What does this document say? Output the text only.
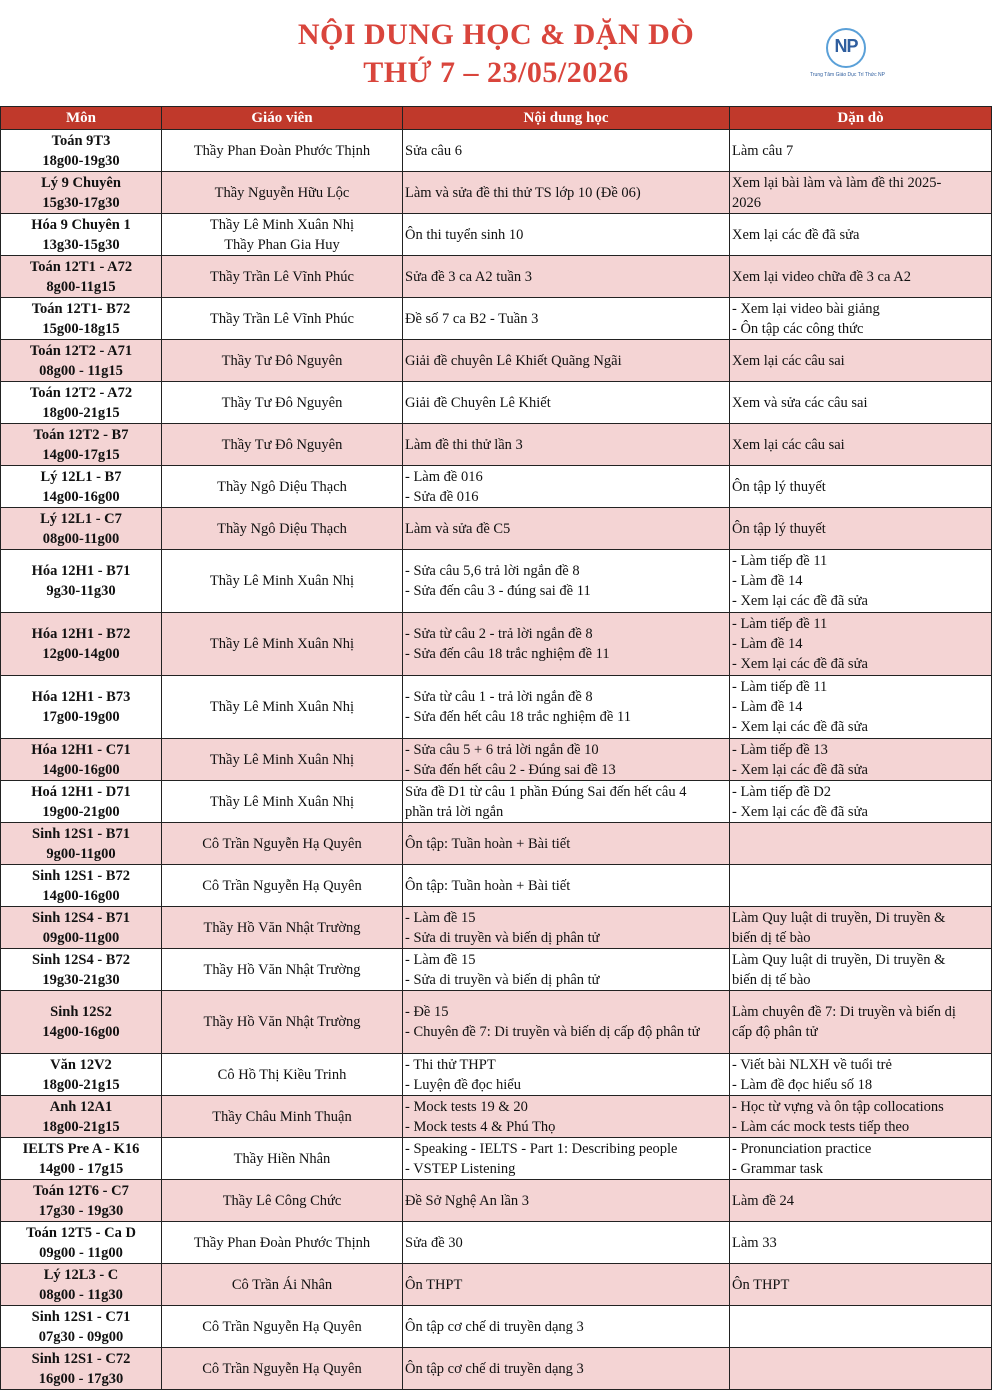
NỘI DUNG HỌC & DẶN DÒ
THỨ 7 – 23/05/2026
NP
Trung Tâm Giáo Dục Trí Thức NP
Môn	Giáo viên	Nội dung học	Dặn dò

Toán 9T3
18g00-19g30	Thầy Phan Đoàn Phước Thịnh	Sửa câu 6	Làm câu 7

Lý 9 Chuyên
15g30-17g30	Thầy Nguyễn Hữu Lộc	Làm và sửa đề thi thử TS lớp 10 (Đề 06)	Xem lại bài làm và làm đề thi 2025-
2026

Hóa 9 Chuyên 1
13g30-15g30	Thầy Lê Minh Xuân Nhị
Thầy Phan Gia Huy	Ôn thi tuyển sinh 10	Xem lại các đề đã sửa

Toán 12T1 - A72
8g00-11g15	Thầy Trần Lê Vĩnh Phúc	Sửa đề 3 ca A2 tuần 3	Xem lại video chữa đề 3 ca A2

Toán 12T1- B72
15g00-18g15	Thầy Trần Lê Vĩnh Phúc	Đề số 7 ca B2 - Tuần 3	- Xem lại video bài giảng
- Ôn tập các công thức

Toán 12T2 - A71
08g00 - 11g15	Thầy Tư Đô Nguyên	Giải đề chuyên Lê Khiết Quãng Ngãi	Xem lại các câu sai

Toán 12T2 - A72
18g00-21g15	Thầy Tư Đô Nguyên	Giải đề Chuyên Lê Khiết	Xem và sửa các câu sai

Toán 12T2 - B7
14g00-17g15	Thầy Tư Đô Nguyên	Làm đề thi thử lần 3	Xem lại các câu sai

Lý 12L1 - B7
14g00-16g00	Thầy Ngô Diệu Thạch	- Làm đề 016
- Sửa đề 016	Ôn tập lý thuyết

Lý 12L1 - C7
08g00-11g00	Thầy Ngô Diệu Thạch	Làm và sửa đề C5	Ôn tập lý thuyết

Hóa 12H1 - B71
9g30-11g30	Thầy Lê Minh Xuân Nhị	- Sửa câu 5,6 trả lời ngắn đề 8
- Sửa đến câu 3 - đúng sai đề 11	- Làm tiếp đề 11
- Làm đề 14
- Xem lại các đề đã sửa

Hóa 12H1 - B72
12g00-14g00	Thầy Lê Minh Xuân Nhị	- Sửa từ câu 2 - trả lời ngắn đề 8
- Sửa đến câu 18 trắc nghiệm đề 11	- Làm tiếp đề 11
- Làm đề 14
- Xem lại các đề đã sửa

Hóa 12H1 - B73
17g00-19g00	Thầy Lê Minh Xuân Nhị	- Sửa từ câu 1 - trả lời ngắn đề 8
- Sửa đến hết câu 18 trắc nghiệm đề 11	- Làm tiếp đề 11
- Làm đề 14
- Xem lại các đề đã sửa

Hóa 12H1 - C71
14g00-16g00	Thầy Lê Minh Xuân Nhị	- Sửa câu 5 + 6 trả lời ngắn đề 10
- Sửa đến hết câu 2 - Đúng sai đề 13	- Làm tiếp đề 13
- Xem lại các đề đã sửa

Hoá 12H1 - D71
19g00-21g00	Thầy Lê Minh Xuân Nhị	Sửa đề D1 từ câu 1 phần Đúng Sai đến hết câu 4
phần trả lời ngắn	- Làm tiếp đề D2
- Xem lại các đề đã sửa

Sinh 12S1 - B71
9g00-11g00	Cô Trần Nguyễn Hạ Quyên	Ôn tập: Tuần hoàn + Bài tiết	

Sinh 12S1 - B72
14g00-16g00	Cô Trần Nguyễn Hạ Quyên	Ôn tập: Tuần hoàn + Bài tiết	

Sinh 12S4 - B71
09g00-11g00	Thầy Hồ Văn Nhật Trường	- Làm đề 15
- Sửa di truyền và biến dị phân tử	Làm Quy luật di truyền, Di truyền &
biến dị tế bào

Sinh 12S4 - B72
19g30-21g30	Thầy Hồ Văn Nhật Trường	- Làm đề 15
- Sửa di truyền và biến dị phân tử	Làm Quy luật di truyền, Di truyền &
biến dị tế bào

Sinh 12S2
14g00-16g00	Thầy Hồ Văn Nhật Trường	- Đề 15
- Chuyên đề 7: Di truyền và biến dị cấp độ phân tử	Làm chuyên đề 7: Di truyền và biến dị
cấp độ phân tử

Văn 12V2
18g00-21g15	Cô Hồ Thị Kiều Trinh	- Thi thử THPT
- Luyện đề đọc hiểu	- Viết bài NLXH về tuổi trẻ
- Làm đề đọc hiểu số 18

Anh 12A1
18g00-21g15	Thầy Châu Minh Thuận	- Mock tests 19 & 20
- Mock tests 4 & Phú Thọ	- Học từ vựng và ôn tập collocations
- Làm các mock tests tiếp theo

IELTS Pre A - K16
14g00 - 17g15	Thầy Hiền Nhân	- Speaking - IELTS - Part 1: Describing people
- VSTEP Listening	- Pronunciation practice
- Grammar task

Toán 12T6 - C7
17g30 - 19g30	Thầy Lê Công Chức	Đề Sở Nghệ An lần 3	Làm đề 24

Toán 12T5 - Ca D
09g00 - 11g00	Thầy Phan Đoàn Phước Thịnh	Sửa đề 30	Làm 33

Lý 12L3 - C
08g00 - 11g30	Cô Trần Ái Nhân	Ôn THPT	Ôn THPT

Sinh 12S1 - C71
07g30 - 09g00	Cô Trần Nguyễn Hạ Quyên	Ôn tập cơ chế di truyền dạng 3	

Sinh 12S1 - C72
16g00 - 17g30	Cô Trần Nguyễn Hạ Quyên	Ôn tập cơ chế di truyền dạng 3	
